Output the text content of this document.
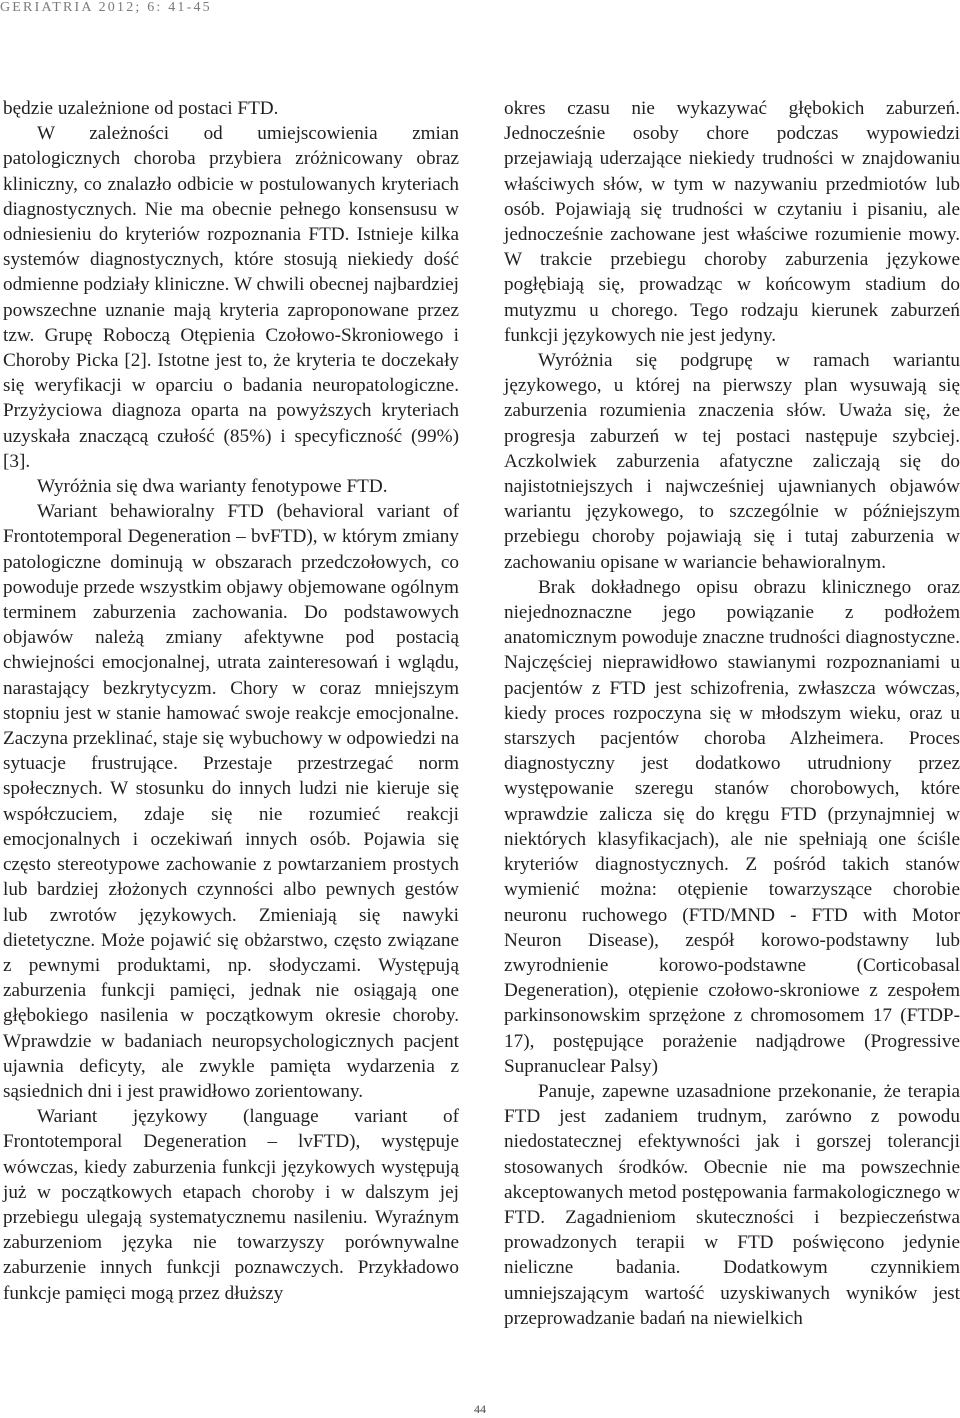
GERIATRIA 2012; 6: 41-45

będzie uzależnione od postaci FTD.

W zależności od umiejscowienia zmian patologicznych choroba przybiera zróżnicowany obraz kliniczny, co znalazło odbicie w postulowanych kryteriach diagnostycznych. Nie ma obecnie pełnego konsensusu w odniesieniu do kryteriów rozpoznania FTD. Istnieje kilka systemów diagnostycznych, które stosują niekiedy dość odmienne podziały kliniczne. W chwili obecnej najbardziej powszechne uznanie mają kryteria zaproponowane przez tzw. Grupę Roboczą Otępienia Czołowo-Skroniowego i Choroby Picka [2]. Istotne jest to, że kryteria te doczekały się weryfikacji w oparciu o badania neuropatologiczne. Przyżyciowa diagnoza oparta na powyższych kryteriach uzyskała znaczącą czułość (85%) i specyficzność (99%) [3].

Wyróżnia się dwa warianty fenotypowe FTD.

Wariant behawioralny FTD (behavioral variant of Frontotemporal Degeneration – bvFTD), w którym zmiany patologiczne dominują w obszarach przedczołowych, co powoduje przede wszystkim objawy objemowane ogólnym terminem zaburzenia zachowania. Do podstawowych objawów należą zmiany afektywne pod postacią chwiejności emocjonalnej, utrata zainteresowań i wglądu, narastający bezkrytycyzm. Chory w coraz mniejszym stopniu jest w stanie hamować swoje reakcje emocjonalne. Zaczyna przeklinać, staje się wybuchowy w odpowiedzi na sytuacje frustrujące. Przestaje przestrzegać norm społecznych. W stosunku do innych ludzi nie kieruje się współczuciem, zdaje się nie rozumieć reakcji emocjonalnych i oczekiwań innych osób. Pojawia się często stereotypowe zachowanie z powtarzaniem prostych lub bardziej złożonych czynności albo pewnych gestów lub zwrotów językowych. Zmieniają się nawyki dietetyczne. Może pojawić się obżarstwo, często związane z pewnymi produktami, np. słodyczami. Występują zaburzenia funkcji pamięci, jednak nie osiągają one głębokiego nasilenia w początkowym okresie choroby. Wprawdzie w badaniach neuropsychologicznych pacjent ujawnia deficyty, ale zwykle pamięta wydarzenia z sąsiednich dni i jest prawidłowo zorientowany.

Wariant językowy (language variant of Frontotemporal Degeneration – lvFTD), występuje wówczas, kiedy zaburzenia funkcji językowych występują już w początkowych etapach choroby i w dalszym jej przebiegu ulegają systematycznemu nasileniu. Wyraźnym zaburzeniom języka nie towarzyszy porównywalne zaburzenie innych funkcji poznawczych. Przykładowo funkcje pamięci mogą przez dłuższy

okres czasu nie wykazywać głębokich zaburzeń. Jednocześnie osoby chore podczas wypowiedzi przejawiają uderzające niekiedy trudności w znajdowaniu właściwych słów, w tym w nazywaniu przedmiotów lub osób. Pojawiają się trudności w czytaniu i pisaniu, ale jednocześnie zachowane jest właściwe rozumienie mowy. W trakcie przebiegu choroby zaburzenia językowe pogłębiają się, prowadząc w końcowym stadium do mutyzmu u chorego. Tego rodzaju kierunek zaburzeń funkcji językowych nie jest jedyny.

Wyróżnia się podgrupę w ramach wariantu językowego, u której na pierwszy plan wysuwają się zaburzenia rozumienia znaczenia słów. Uważa się, że progresja zaburzeń w tej postaci następuje szybciej. Aczkolwiek zaburzenia afatyczne zaliczają się do najistotniejszych i najwcześniej ujawnianych objawów wariantu językowego, to szczególnie w późniejszym przebiegu choroby pojawiają się i tutaj zaburzenia w zachowaniu opisane w wariancie behawioralnym.

Brak dokładnego opisu obrazu klinicznego oraz niejednoznaczne jego powiązanie z podłożem anatomicznym powoduje znaczne trudności diagnostyczne. Najczęściej nieprawidłowo stawianymi rozpoznaniami u pacjentów z FTD jest schizofrenia, zwłaszcza wówczas, kiedy proces rozpoczyna się w młodszym wieku, oraz u starszych pacjentów choroba Alzheimera. Proces diagnostyczny jest dodatkowo utrudniony przez występowanie szeregu stanów chorobowych, które wprawdzie zalicza się do kręgu FTD (przynajmniej w niektórych klasyfikacjach), ale nie spełniają one ściśle kryteriów diagnostycznych. Z pośród takich stanów wymienić można: otępienie towarzyszące chorobie neuronu ruchowego (FTD/MND - FTD with Motor Neuron Disease), zespół korowo-podstawny lub zwyrodnienie korowo-podstawne (Corticobasal Degeneration), otępienie czołowo-skroniowe z zespołem parkinsonowskim sprzężone z chromosomem 17 (FTDP-17), postępujące porażenie nadjądrowe (Progressive Supranuclear Palsy)

Panuje, zapewne uzasadnione przekonanie, że terapia FTD jest zadaniem trudnym, zarówno z powodu niedostatecznej efektywności jak i gorszej tolerancji stosowanych środków. Obecnie nie ma powszechnie akceptowanych metod postępowania farmakologicznego w FTD. Zagadnieniom skuteczności i bezpieczeństwa prowadzonych terapii w FTD poświęcono jedynie nieliczne badania. Dodatkowym czynnikiem umniejszającym wartość uzyskiwanych wyników jest przeprowadzanie badań na niewielkich

44
